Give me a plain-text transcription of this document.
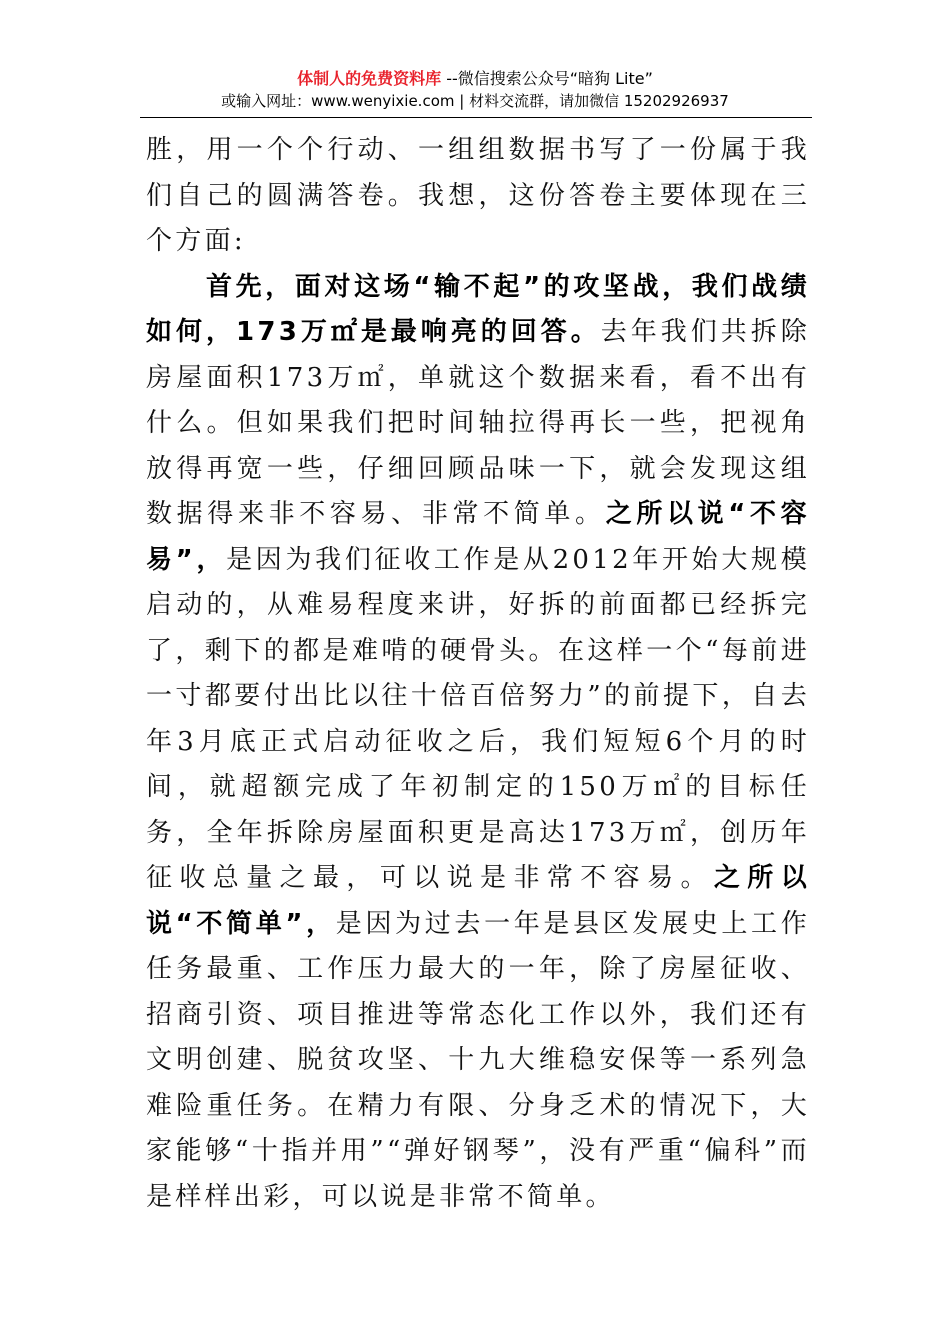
体制人的免费资料库 --微信搜索公众号“暗狗 Lite”
或输入网址：www.wenyixie.com | 材料交流群，请加微信 15202926937

胜，用一个个行动、一组组数据书写了一份属于我们自己的圆满答卷。我想，这份答卷主要体现在三个方面:

首先，面对这场“输不起”的攻坚战，我们战绩如何，173万㎡是最响亮的回答。去年我们共拆除房屋面积173万㎡，单就这个数据来看，看不出有什么。但如果我们把时间轴拉得再长一些，把视角放得再宽一些，仔细回顾品味一下，就会发现这组数据得来非不容易、非常不简单。之所以说“不容易”，是因为我们征收工作是从2012年开始大规模启动的，从难易程度来讲，好拆的前面都已经拆完了，剩下的都是难啃的硬骨头。在这样一个“每前进一寸都要付出比以往十倍百倍努力”的前提下，自去年3月底正式启动征收之后，我们短短6个月的时间，就超额完成了年初制定的150万㎡的目标任务，全年拆除房屋面积更是高达173万㎡，创历年征收总量之最，可以说是非常不容易。之所以说“不简单”，是因为过去一年是县区发展史上工作任务最重、工作压力最大的一年，除了房屋征收、招商引资、项目推进等常态化工作以外，我们还有文明创建、脱贫攻坚、十九大维稳安保等一系列急难险重任务。在精力有限、分身乏术的情况下，大家能够“十指并用”“弹好钢琴”，没有严重“偏科”而是样样出彩，可以说是非常不简单。
